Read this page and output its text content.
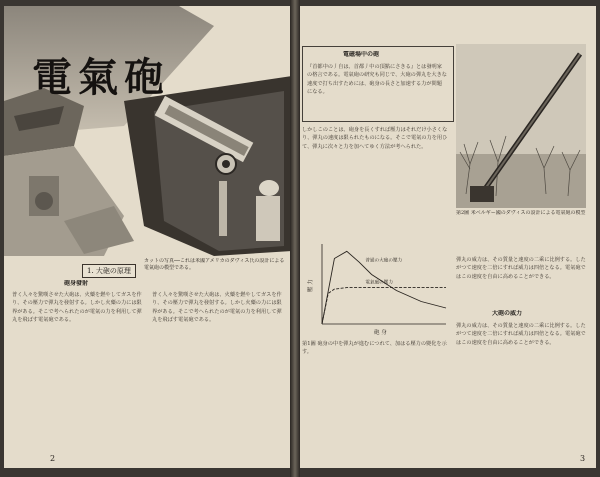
電氣砲
1. 大砲の原理
砲身發射
カットの写真──これは米國アメリカのダヴィス氏の設計による電氣砲の模型である。
普く人々を驚嘆させた大砲は、火藥を燃やしてガスを作り、その壓力で彈丸を發射する。しかし火藥の力には限界がある。そこで考へられたのが電氣の力を利用して彈丸を飛ばす電氣砲である。
普く人々を驚嘆させた大砲は、火藥を燃やしてガスを作り、その壓力で彈丸を發射する。しかし火藥の力には限界がある。そこで考へられたのが電氣の力を利用して彈丸を飛ばす電氣砲である。
2
電磁場中の砲
『首都中の丿自は、首都丿中の頂點にさきる』とは發明家の格言である。電氣砲の研究も同じで、大砲の彈丸を大きな速度で打ち出すためには、砲身の長さと加速する力が問題になる。
しかしこのことは、砲身を長くすれば壓力はそれだけ小さくなり、彈丸の速度は限られたものになる。そこで電氣の力を用ひて、彈丸に次々と力を加へてゆく方法が考へられた。
壓 力
砲 身
普通の大砲の壓力
電氣砲の壓力
第1圖 砲身の中を彈丸が進むにつれて、加はる壓力の變化を示す。
第2圖 米ベルギー國のダヴィスの設計による電氣砲の模型
大砲の威力
彈丸の威力は、その質量と速度の二乘に比例する。したがつて速度を二倍にすれば威力は四倍となる。電氣砲ではこの速度を自由に高めることができる。
彈丸の威力は、その質量と速度の二乘に比例する。したがつて速度を二倍にすれば威力は四倍となる。電氣砲ではこの速度を自由に高めることができる。
3
